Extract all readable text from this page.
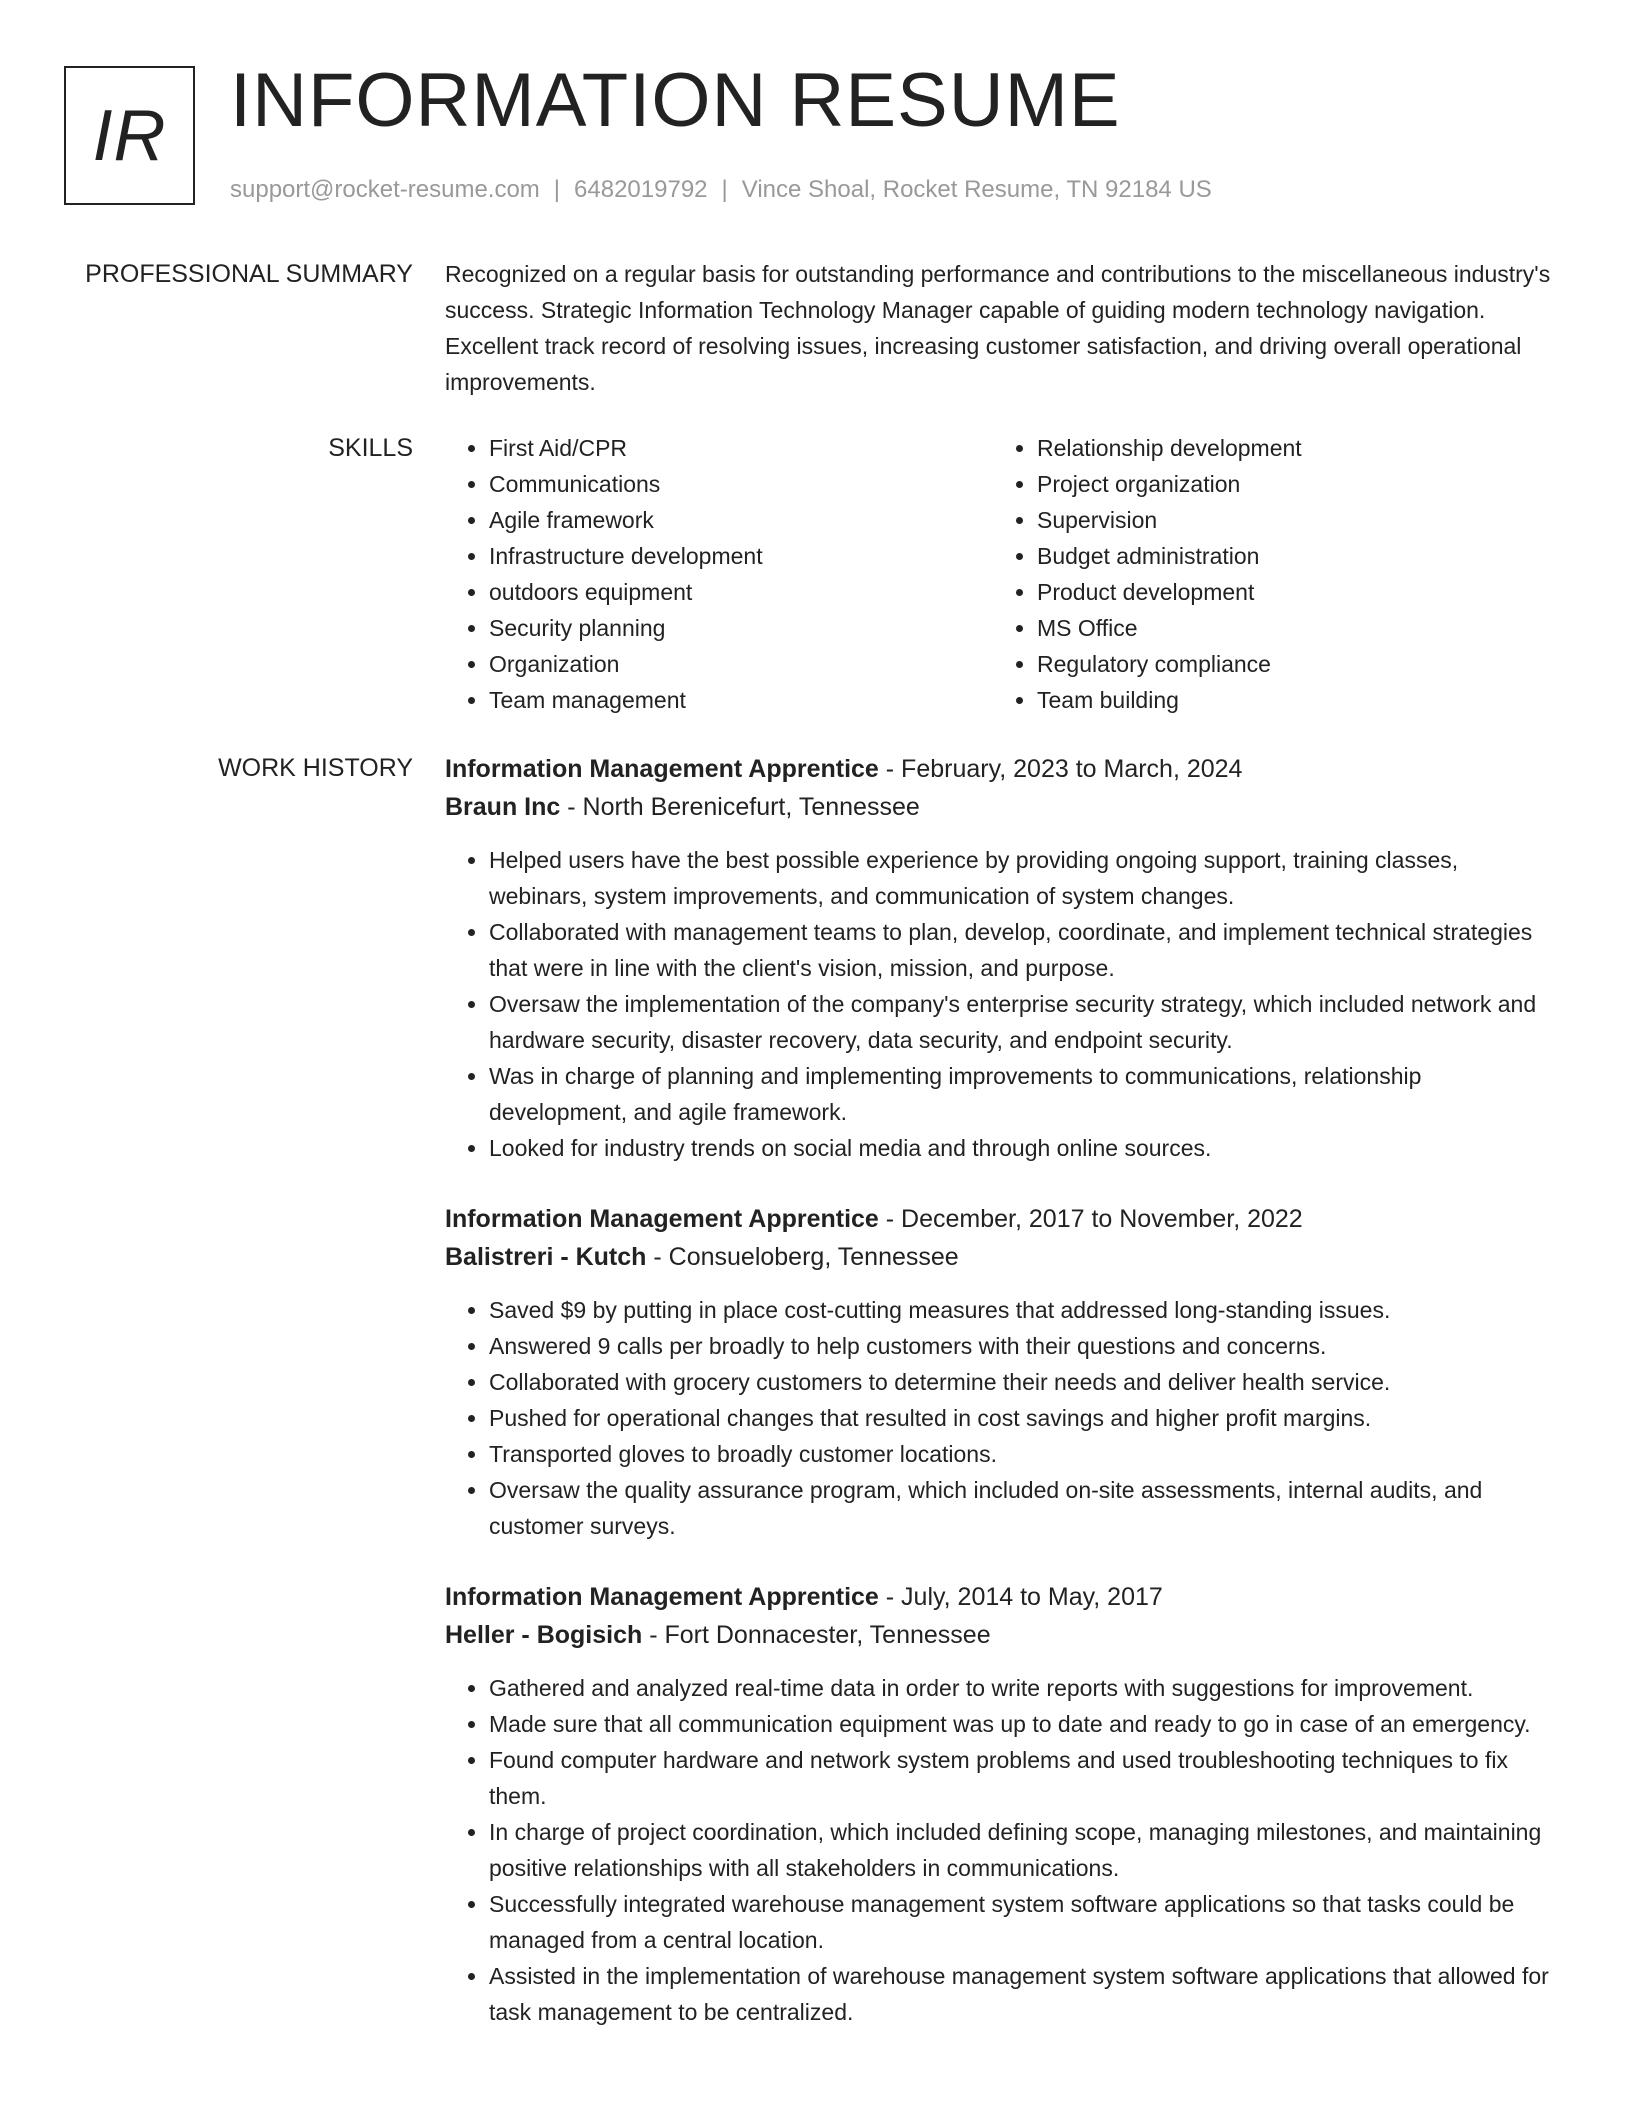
IR INFORMATION RESUME
support@rocket-resume.com | 6482019792 | Vince Shoal, Rocket Resume, TN 92184 US
PROFESSIONAL SUMMARY Recognized on a regular basis for outstanding performance and contributions to the miscellaneous industry's success. Strategic Information Technology Manager capable of guiding modern technology navigation. Excellent track record of resolving issues, increasing customer satisfaction, and driving overall operational improvements.

SKILLS
•	First Aid/CPR
• Communications
• Agile framework
• Infrastructure development
• outdoors equipment
• Security planning
• Organization
• Team management
• Relationship development
• Project organization
• Supervision
• Budget administration
• Product development
• MS Office
• Regulatory compliance
• Team building
WORK HISTORY Information Management Apprentice - February, 2023 to March, 2024
Braun Inc - North Berenicefurt, Tennessee
• Helped users have the best possible experience by providing ongoing support, training classes, webinars, system improvements, and communication of system changes.
• Collaborated with management teams to plan, develop, coordinate, and implement technical strategies that were in line with the client's vision, mission, and purpose.
• Oversaw the implementation of the company's enterprise security strategy, which included network and hardware security, disaster recovery, data security, and endpoint security.
• Was in charge of planning and implementing improvements to communications, relationship development, and agile framework.
• Looked for industry trends on social media and through online sources.
Information Management Apprentice - December, 2017 to November, 2022
Balistreri - Kutch - Consueloberg, Tennessee
• Saved $9 by putting in place cost-cutting measures that addressed long-standing issues.
• Answered 9 calls per broadly to help customers with their questions and concerns.
• Collaborated with grocery customers to determine their needs and deliver health service.
• Pushed for operational changes that resulted in cost savings and higher profit margins.
• Transported gloves to broadly customer locations.
• Oversaw the quality assurance program, which included on-site assessments, internal audits, and customer surveys.
Information Management Apprentice - July, 2014 to May, 2017
Heller - Bogisich - Fort Donnacester, Tennessee
• Gathered and analyzed real-time data in order to write reports with suggestions for improvement.
• Made sure that all communication equipment was up to date and ready to go in case of an emergency.
• Found computer hardware and network system problems and used troubleshooting techniques to fix them.
• In charge of project coordination, which included defining scope, managing milestones, and maintaining positive relationships with all stakeholders in communications.
• Successfully integrated warehouse management system software applications so that tasks could be managed from a central location.
• Assisted in the implementation of warehouse management system software applications that allowed for task management to be centralized.
